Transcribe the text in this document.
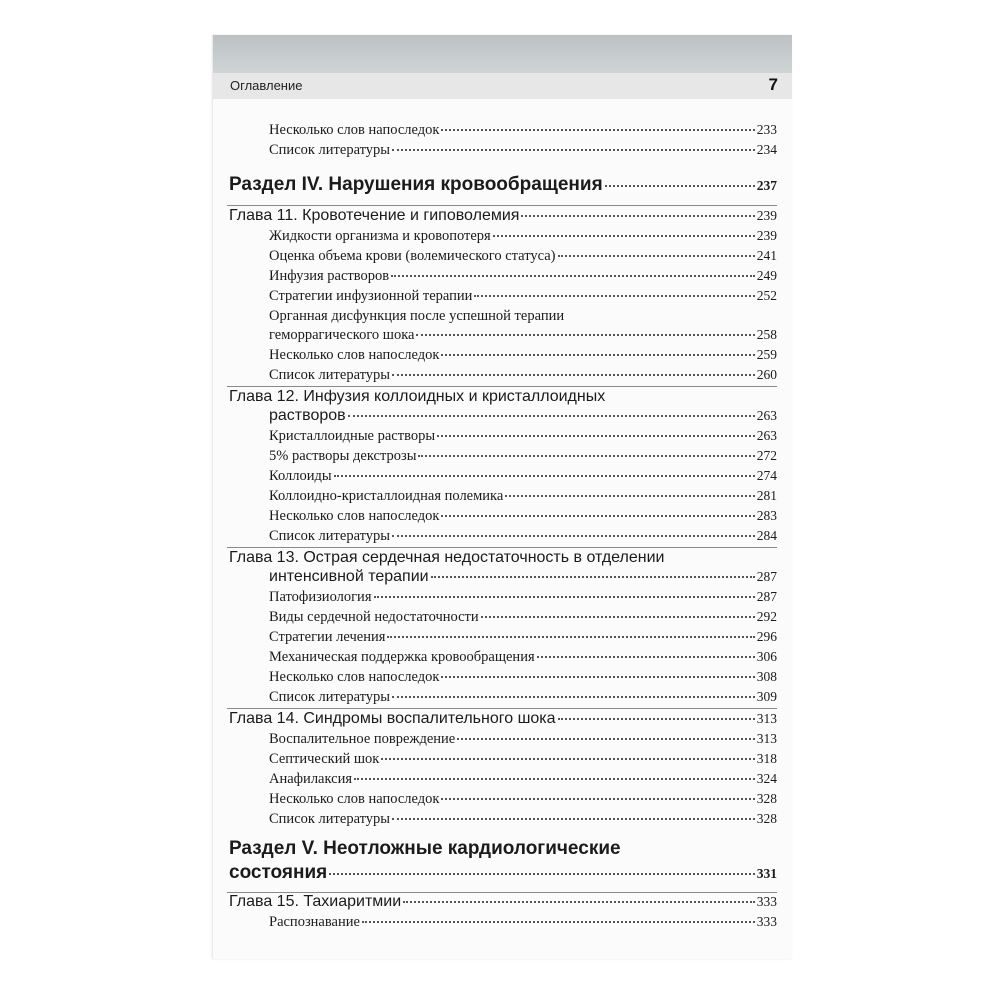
Оглавление	7
Несколько слов напоследок	233
Список литературы	234
Раздел IV. Нарушения кровообращения	237
Глава 11. Кровотечение и гиповолемия	239
Жидкости организма и кровопотеря	239
Оценка объема крови (волемического статуса)	241
Инфузия растворов	249
Стратегии инфузионной терапии	252
Органная дисфункция после успешной терапии
геморрагического шока	258
Несколько слов напоследок	259
Список литературы	260
Глава 12. Инфузия коллоидных и кристаллоидных
растворов	263
Кристаллоидные растворы	263
5% растворы декстрозы	272
Коллоиды	274
Коллоидно-кристаллоидная полемика	281
Несколько слов напоследок	283
Список литературы	284
Глава 13. Острая сердечная недостаточность в отделении
интенсивной терапии	287
Патофизиология	287
Виды сердечной недостаточности	292
Стратегии лечения	296
Механическая поддержка кровообращения	306
Несколько слов напоследок	308
Список литературы	309
Глава 14. Синдромы воспалительного шока	313
Воспалительное повреждение	313
Септический шок	318
Анафилаксия	324
Несколько слов напоследок	328
Список литературы	328
Раздел V. Неотложные кардиологические
состояния	331
Глава 15. Тахиаритмии	333
Распознавание	333
